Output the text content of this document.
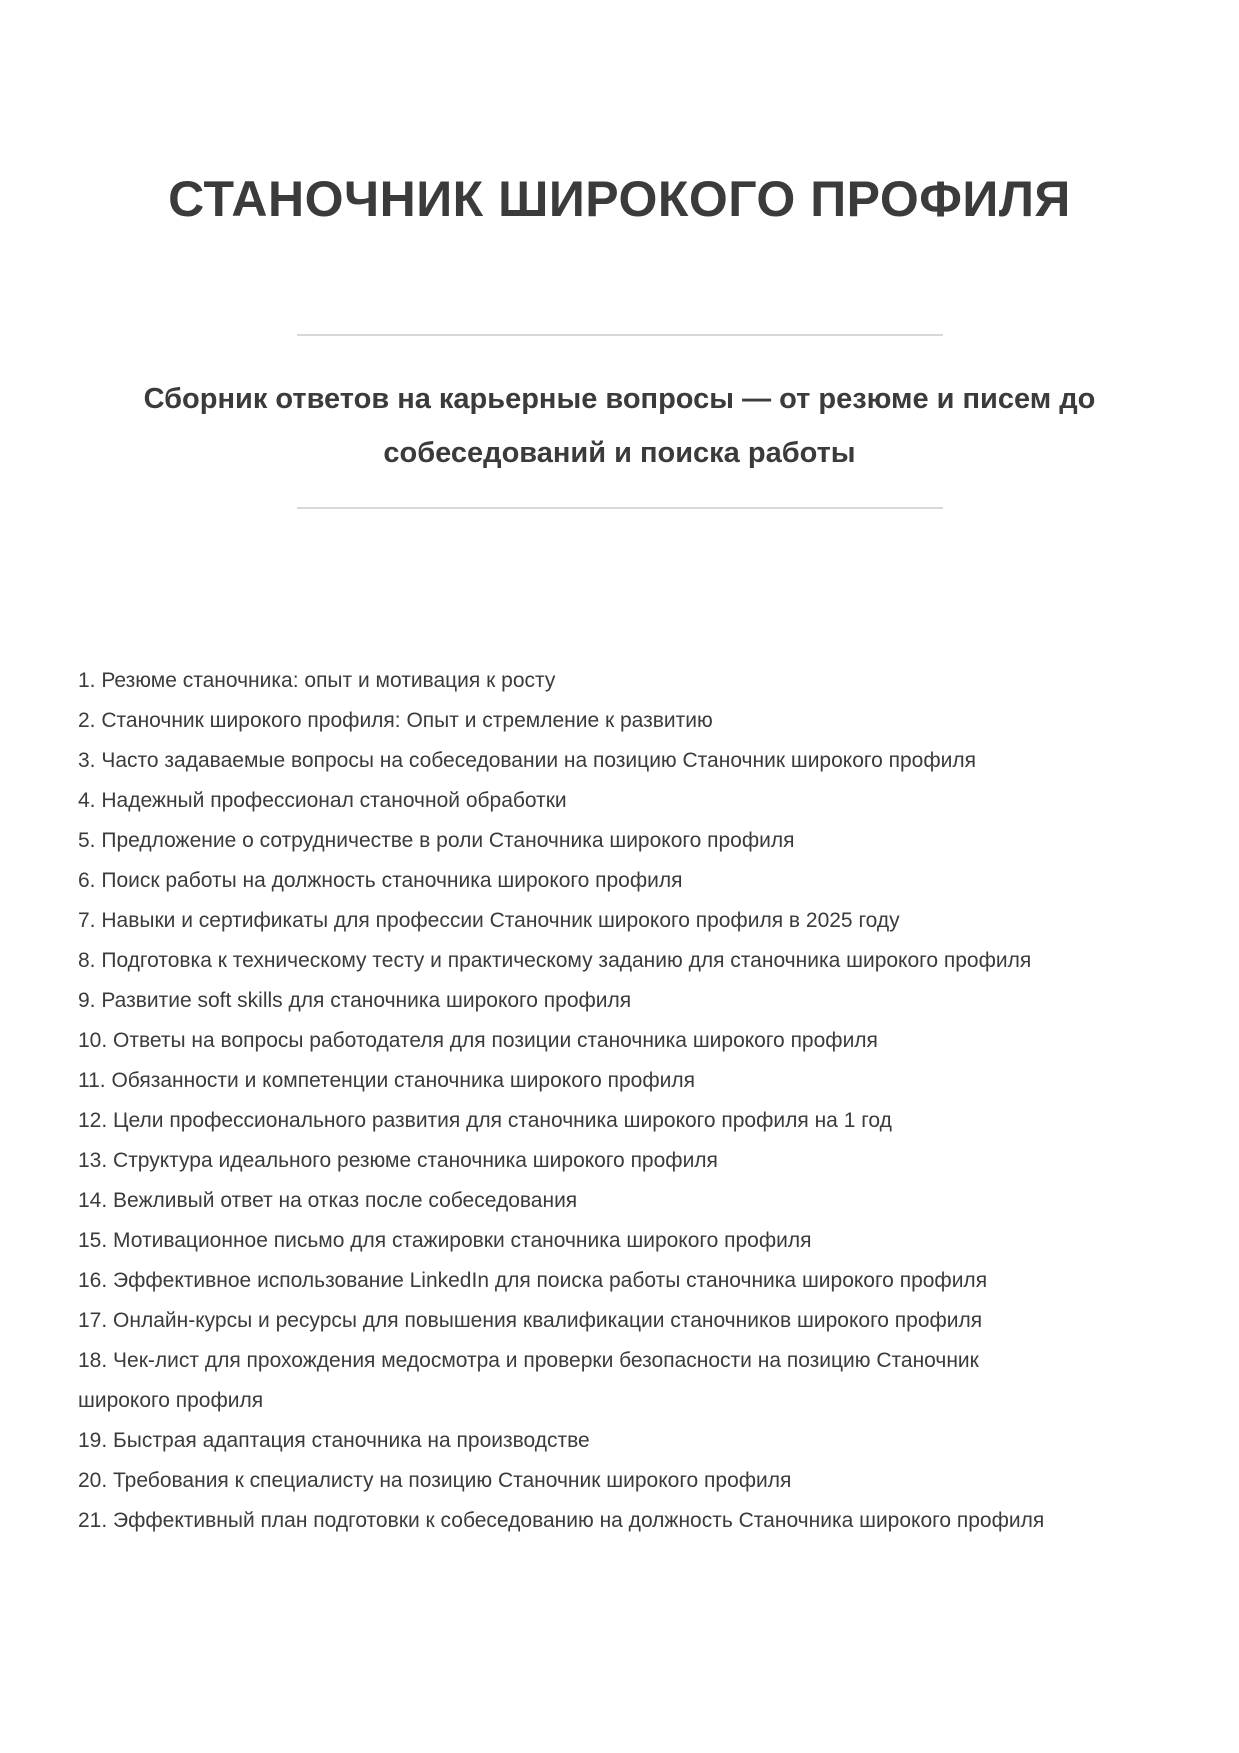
СТАНОЧНИК ШИРОКОГО ПРОФИЛЯ
Сборник ответов на карьерные вопросы — от резюме и писем до собеседований и поиска работы

1. Резюме станочника: опыт и мотивация к росту

2. Станочник широкого профиля: Опыт и стремление к развитию

3. Часто задаваемые вопросы на собеседовании на позицию Станочник широкого профиля

4. Надежный профессионал станочной обработки

5. Предложение о сотрудничестве в роли Станочника широкого профиля

6. Поиск работы на должность станочника широкого профиля

7. Навыки и сертификаты для профессии Станочник широкого профиля в 2025 году

8. Подготовка к техническому тесту и практическому заданию для станочника широкого профиля

9. Развитие soft skills для станочника широкого профиля

10. Ответы на вопросы работодателя для позиции станочника широкого профиля

11. Обязанности и компетенции станочника широкого профиля

12. Цели профессионального развития для станочника широкого профиля на 1 год

13. Структура идеального резюме станочника широкого профиля

14. Вежливый ответ на отказ после собеседования

15. Мотивационное письмо для стажировки станочника широкого профиля

16. Эффективное использование LinkedIn для поиска работы станочника широкого профиля

17. Онлайн-курсы и ресурсы для повышения квалификации станочников широкого профиля

18. Чек-лист для прохождения медосмотра и проверки безопасности на позицию Станочник широкого профиля

19. Быстрая адаптация станочника на производстве

20. Требования к специалисту на позицию Станочник широкого профиля

21. Эффективный план подготовки к собеседованию на должность Станочника широкого профиля
